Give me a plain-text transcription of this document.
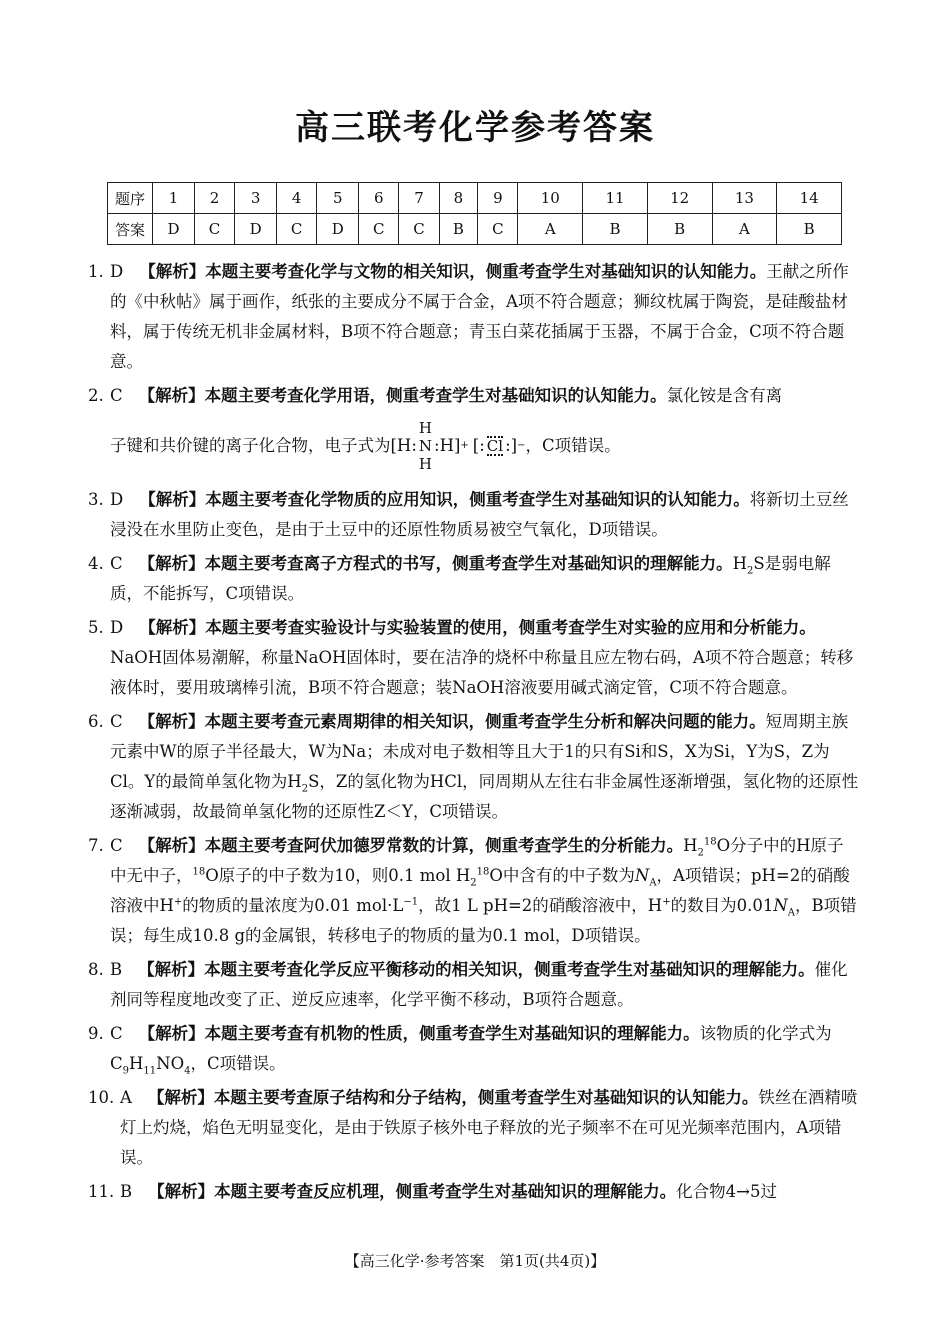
高三联考化学参考答案
题序	1	2	3	4	5	6	7	8	9	10	11	12	13	14
答案	D	C	D	C	D	C	C	B	C	A	B	B	A	B
1. D 【解析】本题主要考查化学与文物的相关知识，侧重考查学生对基础知识的认知能力。王献之所作的《中秋帖》属于画作，纸张的主要成分不属于合金，A项不符合题意；狮纹枕属于陶瓷，是硅酸盐材料，属于传统无机非金属材料，B项不符合题意；青玉白菜花插属于玉器，不属于合金，C项不符合题意。
2. C 【解析】本题主要考查化学用语，侧重考查学生对基础知识的认知能力。氯化铵是含有离
子键和共价键的离子化合物，电子式为 [H :
H
N
H
: H] + [: Cl :] − ，C项错误。
3. D 【解析】本题主要考查化学物质的应用知识，侧重考查学生对基础知识的认知能力。将新切土豆丝浸没在水里防止变色，是由于土豆中的还原性物质易被空气氧化，D项错误。
4. C 【解析】本题主要考查离子方程式的书写，侧重考查学生对基础知识的理解能力。$H_2S$是弱电解质，不能拆写，C项错误。
5. D 【解析】本题主要考查实验设计与实验装置的使用，侧重考查学生对实验的应用和分析能力。NaOH固体易潮解，称量NaOH固体时，要在洁净的烧杯中称量且应左物右码，A项不符合题意；转移液体时，要用玻璃棒引流，B项不符合题意；装NaOH溶液要用碱式滴定管，C项不符合题意。
6. C 【解析】本题主要考查元素周期律的相关知识，侧重考查学生分析和解决问题的能力。短周期主族元素中W的原子半径最大，W为Na；未成对电子数相等且大于1的只有Si和S，X为Si，Y为S，Z为Cl。Y的最简单氢化物为$H_2S$，Z的氢化物为HCl，同周期从左往右非金属性逐渐增强，氢化物的还原性逐渐减弱，故最简单氢化物的还原性Z＜Y，C项错误。
7. C 【解析】本题主要考查阿伏加德罗常数的计算，侧重考查学生的分析能力。$H_2^{18}O$分子中的H原子中无中子，$^{18}$O原子的中子数为10，则0.1 mol $H_2^{18}O$中含有的中子数为$N_A$，A项错误；pH=2的硝酸溶液中H+的物质的量浓度为0.01 $mol\cdot L^{-1}$，故1 L pH=2的硝酸溶液中，H+的数目为$0.01N_A$，B项错误；每生成10.8 g的金属银，转移电子的物质的量为0.1 mol，D项错误。
8. B 【解析】本题主要考查化学反应平衡移动的相关知识，侧重考查学生对基础知识的理解能力。催化剂同等程度地改变了正、逆反应速率，化学平衡不移动，B项符合题意。
9. C 【解析】本题主要考查有机物的性质，侧重考查学生对基础知识的理解能力。该物质的化学式为$C_9H_{11}NO_4$，C项错误。
10. A 【解析】本题主要考查原子结构和分子结构，侧重考查学生对基础知识的认知能力。铁丝在酒精喷灯上灼烧，焰色无明显变化，是由于铁原子核外电子释放的光子频率不在可见光频率范围内，A项错误。
11. B 【解析】本题主要考查反应机理，侧重考查学生对基础知识的理解能力。化合物4→5过
【高三化学·参考答案　第1页(共4页)】
